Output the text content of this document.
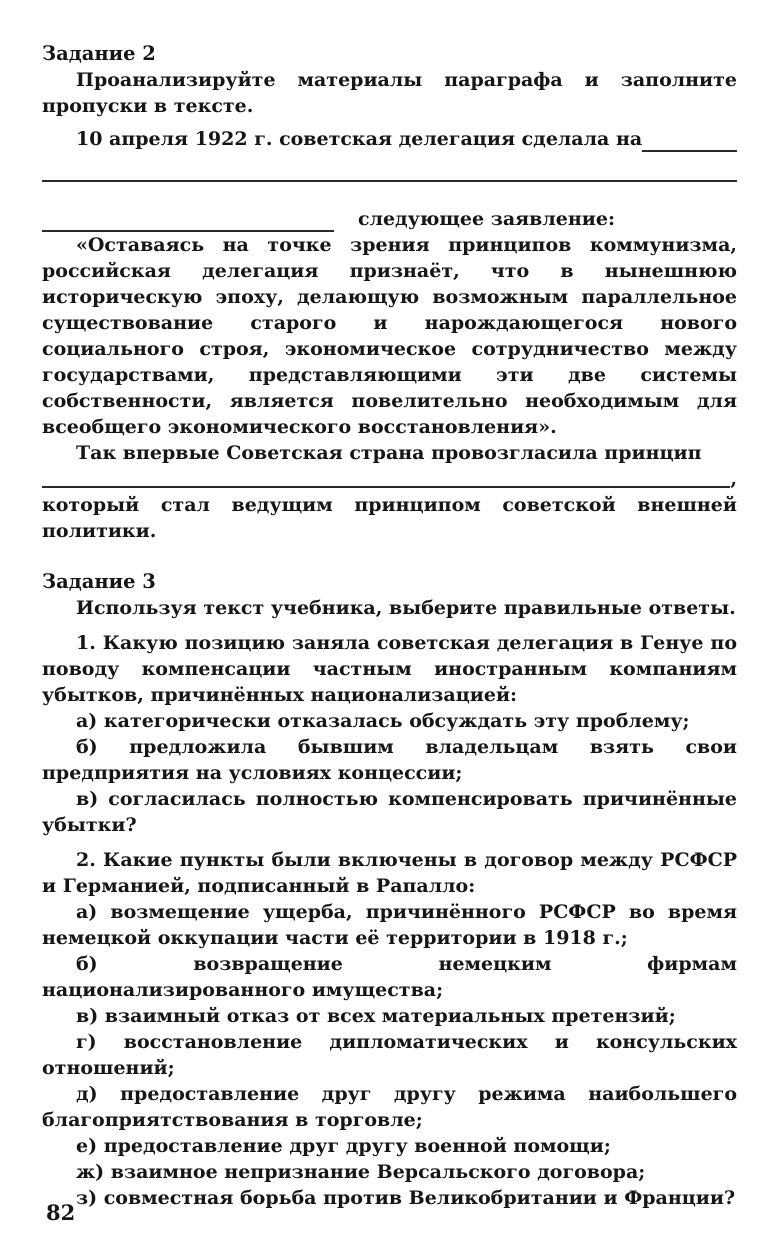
Задание 2

Проанализируйте материалы параграфа и заполните пропуски в тексте.

10 апреля 1922 г. советская делегация сделала на
следующее заявление:

«Оставаясь на точке зрения принципов коммунизма, российская делегация признаёт, что в нынешнюю историческую эпоху, делающую возможным параллельное существование старого и нарождающегося нового социального строя, экономическое сотрудничество между государствами, представляющими эти две системы собственности, является повелительно необходимым для всеобщего экономического восстановления».

Так впервые Советская страна провозгласила принцип

,

который стал ведущим принципом советской внешней политики.

Задание 3

Используя текст учебника, выберите правильные ответы.

1. Какую позицию заняла советская делегация в Генуе по поводу компенсации частным иностранным компаниям убытков, причинённых национализацией:

а) категорически отказалась обсуждать эту проблему;

б) предложила бывшим владельцам взять свои предприятия на условиях концессии;

в) согласилась полностью компенсировать причинённые убытки?

2. Какие пункты были включены в договор между РСФСР и Германией, подписанный в Рапалло:

а) возмещение ущерба, причинённого РСФСР во время немецкой оккупации части её территории в 1918 г.;

б) возвращение немецким фирмам национализированного имущества;

в) взаимный отказ от всех материальных претензий;

г) восстановление дипломатических и консульских отношений;

д) предоставление друг другу режима наибольшего благоприятствования в торговле;

е) предоставление друг другу военной помощи;

ж) взаимное непризнание Версальского договора;

з) совместная борьба против Великобритании и Франции?

82
